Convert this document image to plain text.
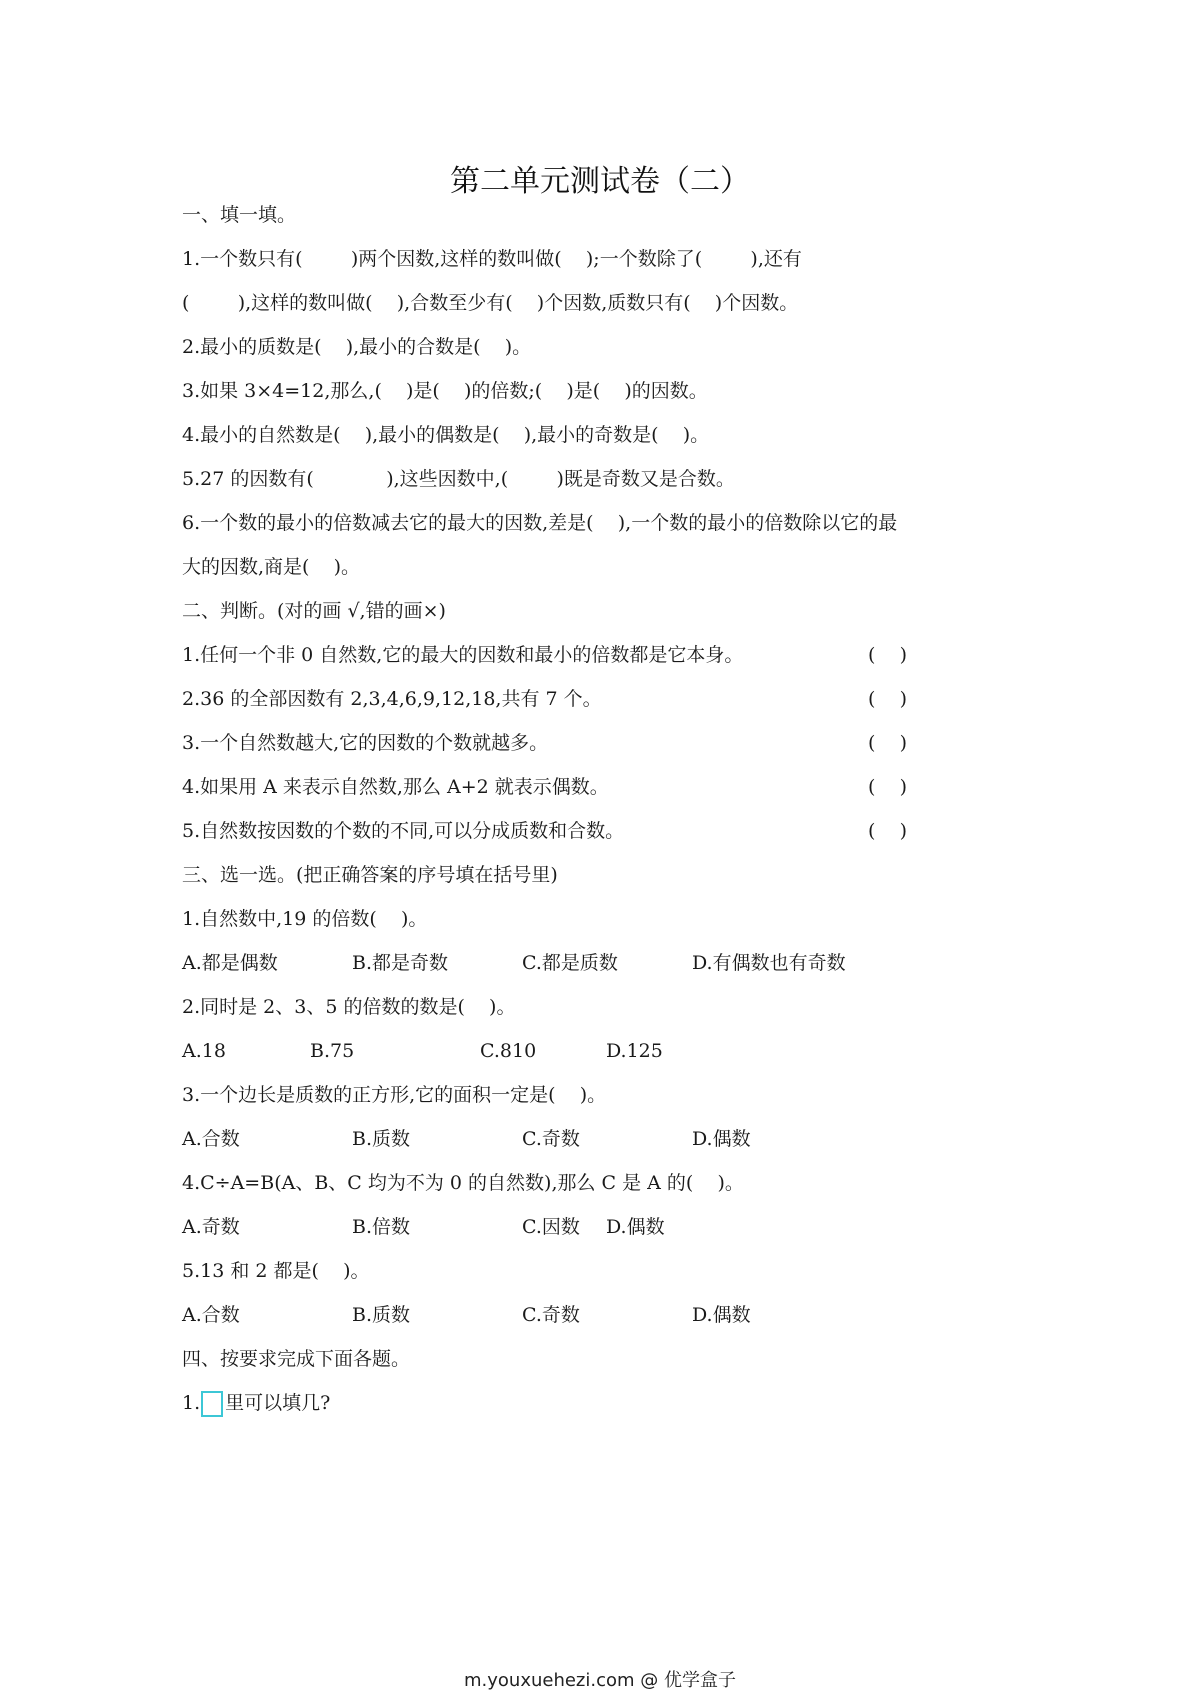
第二单元测试卷（二）
一、填一填。
1.一个数只有(        )两个因数,这样的数叫做(    );一个数除了(        ),还有
(        ),这样的数叫做(    ),合数至少有(    )个因数,质数只有(    )个因数。
2.最小的质数是(    ),最小的合数是(    )。
3.如果 3×4=12,那么,(    )是(    )的倍数;(    )是(    )的因数。
4.最小的自然数是(    ),最小的偶数是(    ),最小的奇数是(    )。
5.27 的因数有(            ),这些因数中,(        )既是奇数又是合数。
6.一个数的最小的倍数减去它的最大的因数,差是(    ),一个数的最小的倍数除以它的最
大的因数,商是(    )。
二、判断。(对的画 √,错的画×)
1.任何一个非 0 自然数,它的最大的因数和最小的倍数都是它本身。	(    )
2.36 的全部因数有 2,3,4,6,9,12,18,共有 7 个。	(    )
3.一个自然数越大,它的因数的个数就越多。	(    )
4.如果用 A 来表示自然数,那么 A+2 就表示偶数。	(    )
5.自然数按因数的个数的不同,可以分成质数和合数。	(    )
三、选一选。(把正确答案的序号填在括号里)
1.自然数中,19 的倍数(    )。
A.都是偶数	B.都是奇数	C.都是质数	D.有偶数也有奇数
2.同时是 2、3、5 的倍数的数是(    )。
A.18	B.75	C.810	D.125
3.一个边长是质数的正方形,它的面积一定是(    )。
A.合数	B.质数	C.奇数	D.偶数
4.C÷A=B(A、B、C 均为不为 0 的自然数),那么 C 是 A 的(    )。
A.奇数	B.倍数	C.因数 D.偶数
5.13 和 2 都是(    )。
A.合数	B.质数	C.奇数	D.偶数
四、按要求完成下面各题。
1. 里可以填几?
m.youxuehezi.com @ 优学盒子
